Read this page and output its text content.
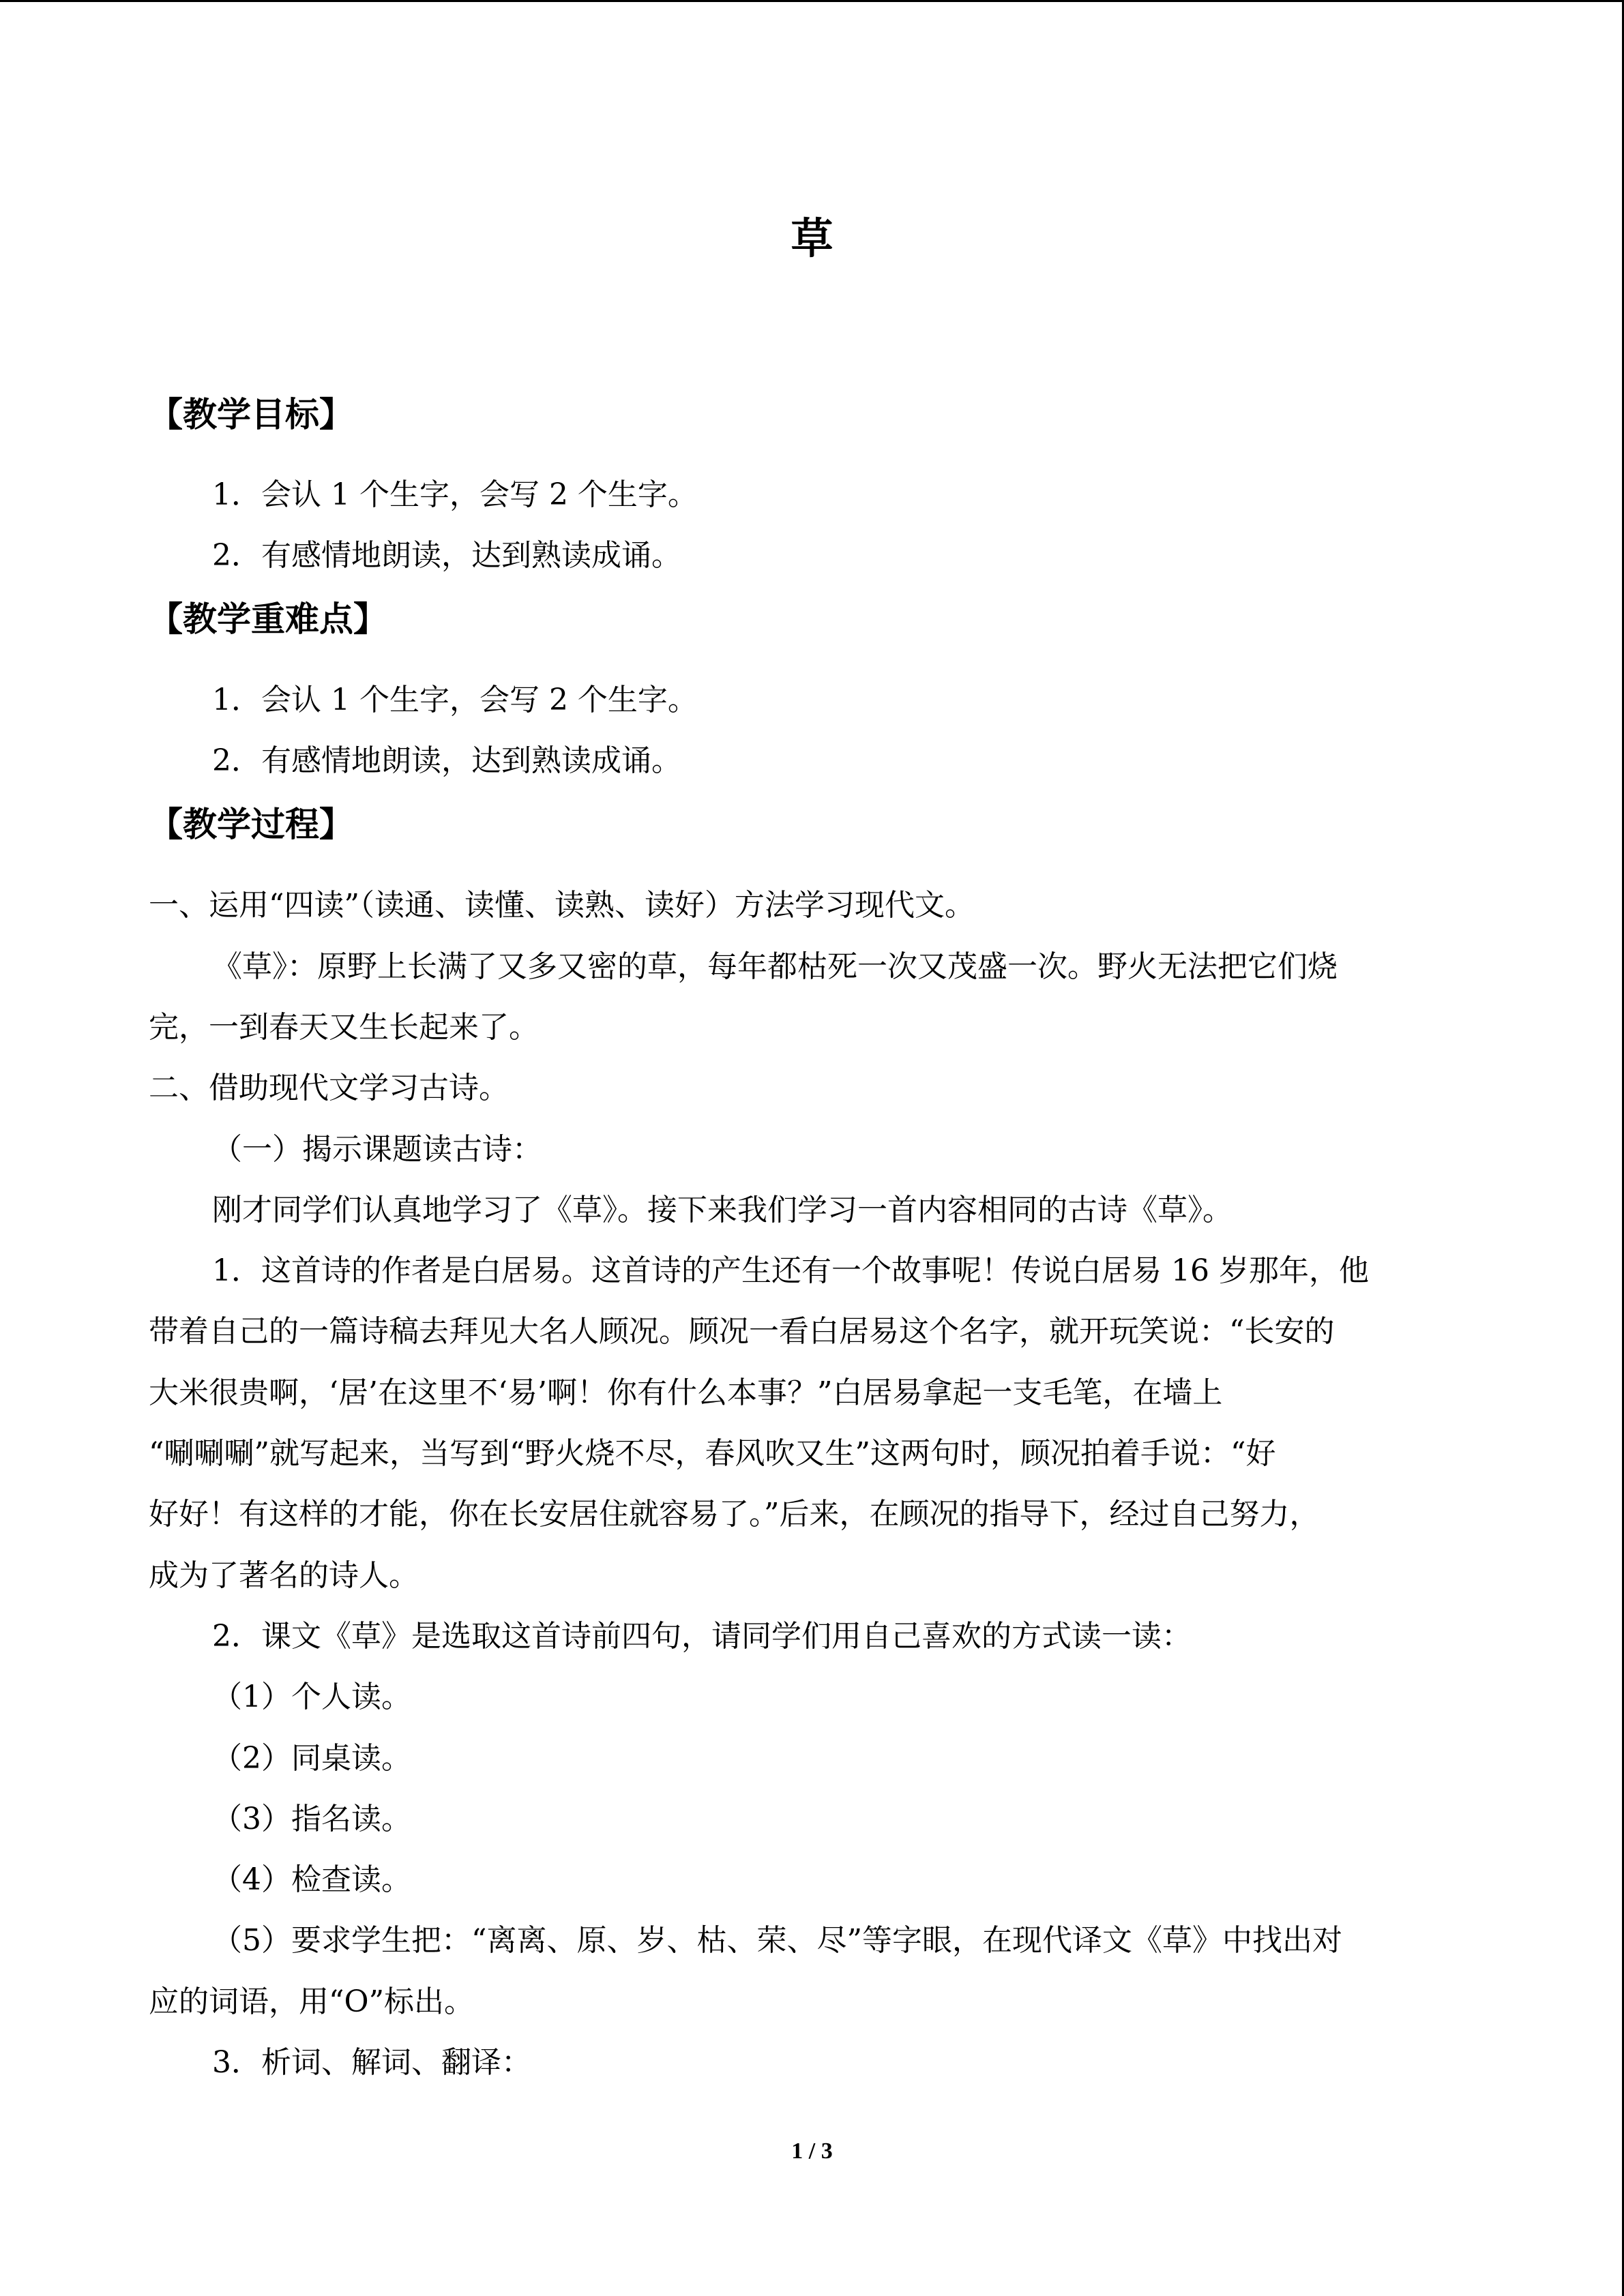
草
【教学目标】
1．会认 1 个生字，会写 2 个生字。
2．有感情地朗读，达到熟读成诵。
【教学重难点】
1．会认 1 个生字，会写 2 个生字。
2．有感情地朗读，达到熟读成诵。
【教学过程】
一、运用“四读”（读通、读懂、读熟、读好）方法学习现代文。
《草》：原野上长满了又多又密的草，每年都枯死一次又茂盛一次。野火无法把它们烧
完，一到春天又生长起来了。
二、借助现代文学习古诗。
（一）揭示课题读古诗：
刚才同学们认真地学习了《草》。接下来我们学习一首内容相同的古诗《草》。
1．这首诗的作者是白居易。这首诗的产生还有一个故事呢！传说白居易 16 岁那年，他
带着自己的一篇诗稿去拜见大名人顾况。顾况一看白居易这个名字，就开玩笑说：“长安的
大米很贵啊，‘居’在这里不‘易’啊！你有什么本事？”白居易拿起一支毛笔，在墙上
“唰唰唰”就写起来，当写到“野火烧不尽，春风吹又生”这两句时，顾况拍着手说：“好
好好！有这样的才能，你在长安居住就容易了。”后来，在顾况的指导下，经过自己努力，
成为了著名的诗人。
2．课文《草》是选取这首诗前四句，请同学们用自己喜欢的方式读一读：
（1）个人读。
（2）同桌读。
（3）指名读。
（4）检查读。
（5）要求学生把：“离离、原、岁、枯、荣、尽”等字眼，在现代译文《草》中找出对
应的词语，用“O”标出。
3．析词、解词、翻译：
1 / 3
